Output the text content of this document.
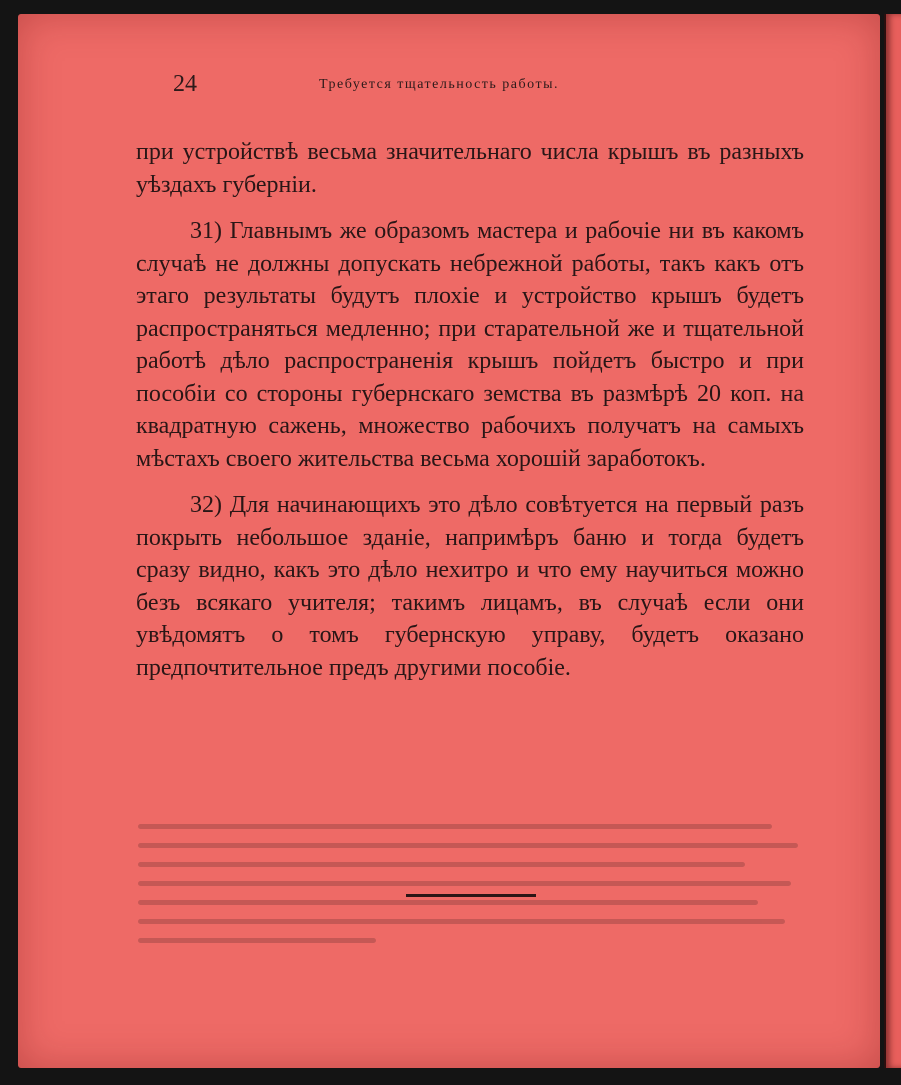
24	Требуется тщательность работы.

при устройствѣ весьма значительнаго числа крышъ въ разныхъ уѣздахъ губерніи.

31) Главнымъ же образомъ мастера и рабочіе ни въ какомъ случаѣ не должны допускать небрежной работы, такъ какъ отъ этаго результаты будутъ плохіе и устройство крышъ будетъ распространяться медленно; при старательной же и тщательной работѣ дѣло распространенія крышъ пойдетъ быстро и при пособіи со стороны губернскаго земства въ размѣрѣ 20 коп. на квадратную сажень, множество рабочихъ получатъ на самыхъ мѣстахъ своего жительства весьма хорошій заработокъ.

32) Для начинающихъ это дѣло совѣтуется на первый разъ покрыть небольшое зданіе, напримѣръ баню и тогда будетъ сразу видно, какъ это дѣло нехитро и что ему научиться можно безъ всякаго учителя; такимъ лицамъ, въ случаѣ если они увѣдомятъ о томъ губернскую управу, будетъ оказано предпочтительное предъ другими пособіе.
